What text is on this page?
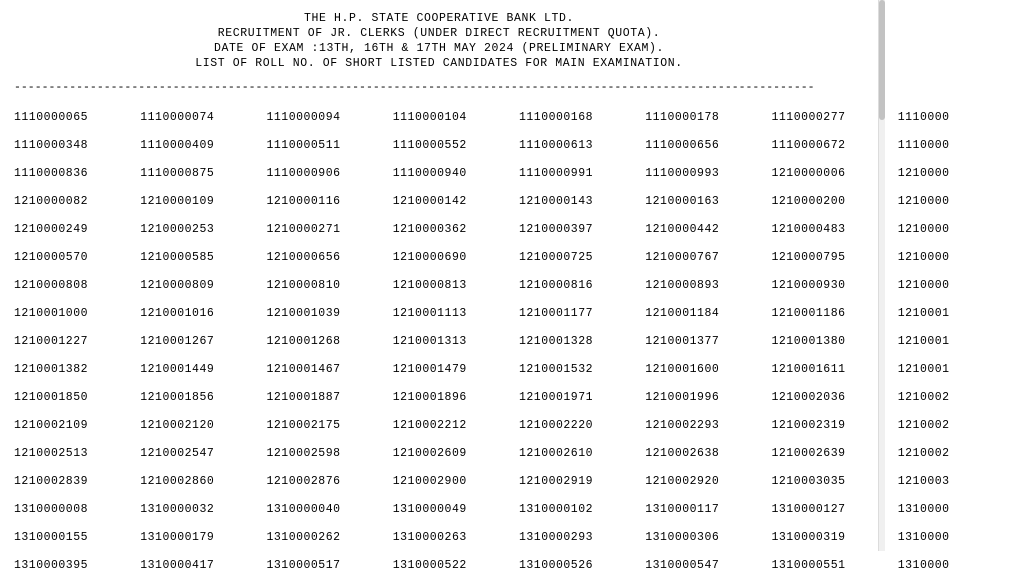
THE H.P. STATE COOPERATIVE BANK LTD.
RECRUITMENT OF JR. CLERKS (UNDER DIRECT RECRUITMENT QUOTA).
DATE OF EXAM :13TH, 16TH & 17TH MAY 2024 (PRELIMINARY EXAM).
LIST OF ROLL NO. OF SHORT LISTED CANDIDATES FOR MAIN EXAMINATION.
--------------------------------------------------------------------------------------------------------------------
1110000065	1110000074	1110000094	1110000104	1110000168	1110000178	1110000277	1110000
1110000348	1110000409	1110000511	1110000552	1110000613	1110000656	1110000672	1110000
1110000836	1110000875	1110000906	1110000940	1110000991	1110000993	1210000006	1210000
1210000082	1210000109	1210000116	1210000142	1210000143	1210000163	1210000200	1210000
1210000249	1210000253	1210000271	1210000362	1210000397	1210000442	1210000483	1210000
1210000570	1210000585	1210000656	1210000690	1210000725	1210000767	1210000795	1210000
1210000808	1210000809	1210000810	1210000813	1210000816	1210000893	1210000930	1210000
1210001000	1210001016	1210001039	1210001113	1210001177	1210001184	1210001186	1210001
1210001227	1210001267	1210001268	1210001313	1210001328	1210001377	1210001380	1210001
1210001382	1210001449	1210001467	1210001479	1210001532	1210001600	1210001611	1210001
1210001850	1210001856	1210001887	1210001896	1210001971	1210001996	1210002036	1210002
1210002109	1210002120	1210002175	1210002212	1210002220	1210002293	1210002319	1210002
1210002513	1210002547	1210002598	1210002609	1210002610	1210002638	1210002639	1210002
1210002839	1210002860	1210002876	1210002900	1210002919	1210002920	1210003035	1210003
1310000008	1310000032	1310000040	1310000049	1310000102	1310000117	1310000127	1310000
1310000155	1310000179	1310000262	1310000263	1310000293	1310000306	1310000319	1310000
1310000395	1310000417	1310000517	1310000522	1310000526	1310000547	1310000551	1310000
